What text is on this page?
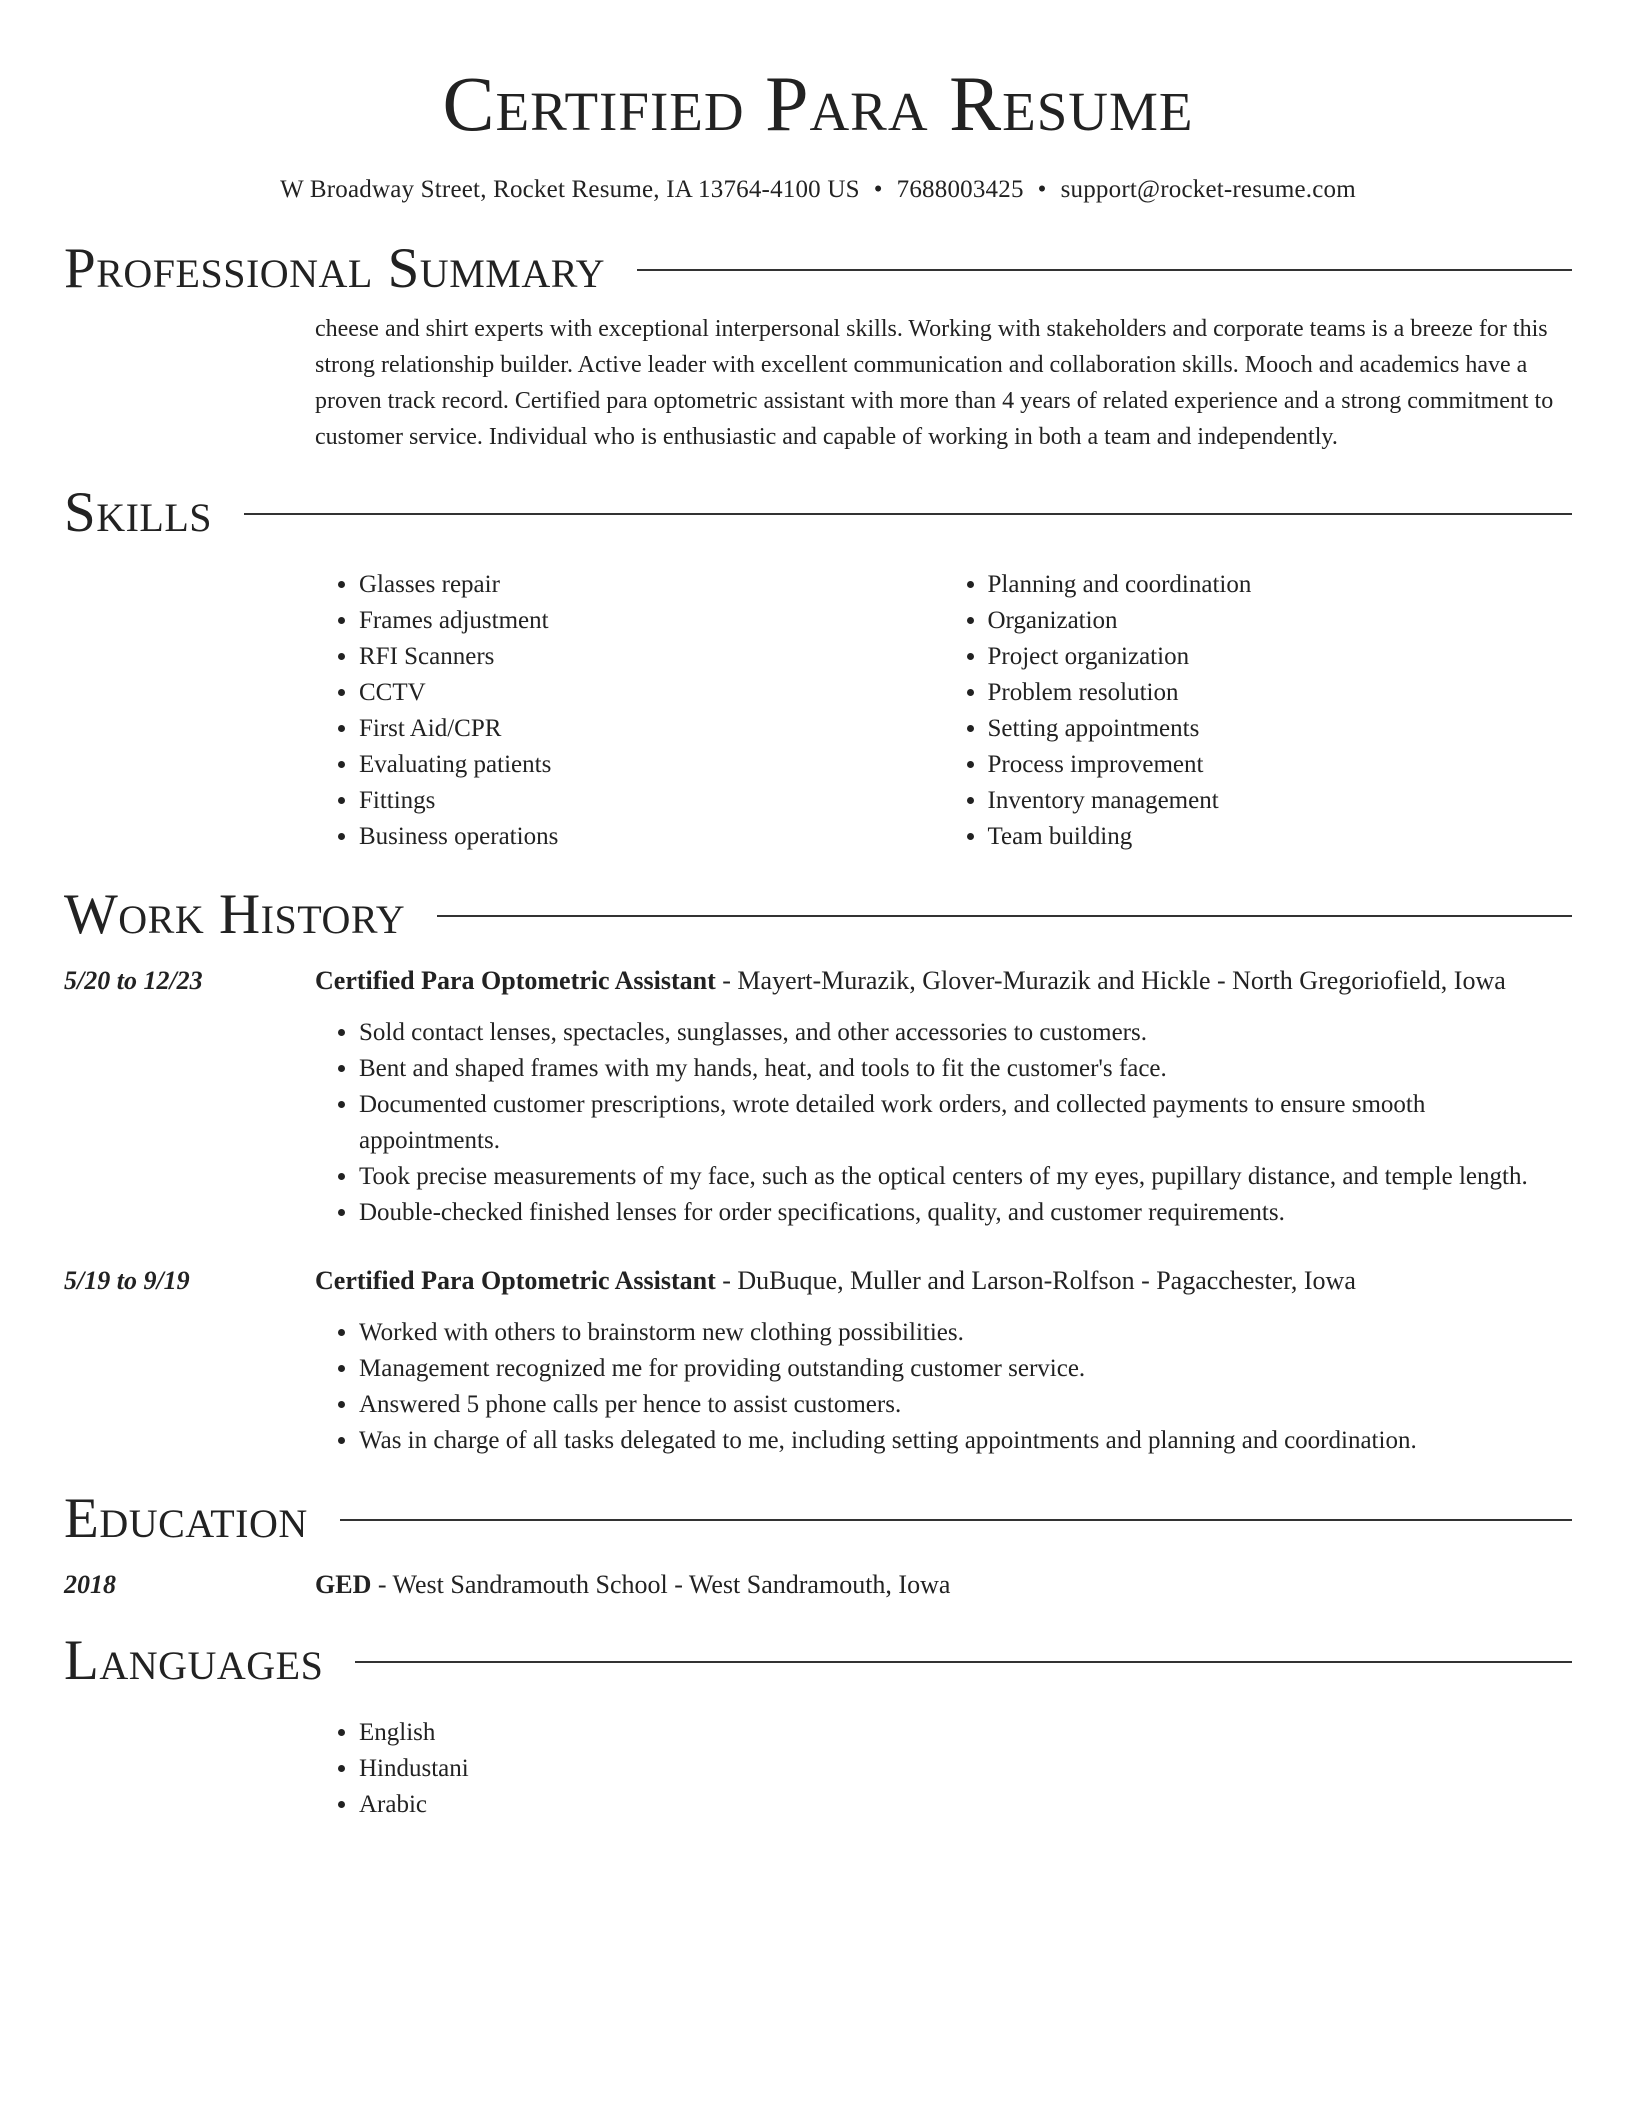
Certified Para Resume
W Broadway Street, Rocket Resume, IA 13764-4100 US • 7688003425 • support@rocket-resume.com
Professional Summary

cheese and shirt experts with exceptional interpersonal skills. Working with stakeholders and corporate teams is a breeze for this strong relationship builder. Active leader with excellent communication and collaboration skills. Mooch and academics have a proven track record. Certified para optometric assistant with more than 4 years of related experience and a strong commitment to customer service. Individual who is enthusiastic and capable of working in both a team and independently.

Skills
• Glasses repair
• Frames adjustment
• RFI Scanners
• CCTV
• First Aid/CPR
• Evaluating patients
• Fittings
• Business operations
• Planning and coordination
• Organization
• Project organization
• Problem resolution
• Setting appointments
• Process improvement
• Inventory management
• Team building
Work History
5/20 to 12/23	Certified Para Optometric Assistant - Mayert-Murazik, Glover-Murazik and Hickle - North Gregoriofield, Iowa
• Sold contact lenses, spectacles, sunglasses, and other accessories to customers.
• Bent and shaped frames with my hands, heat, and tools to fit the customer's face.
• Documented customer prescriptions, wrote detailed work orders, and collected payments to ensure smooth appointments.
• Took precise measurements of my face, such as the optical centers of my eyes, pupillary distance, and temple length.
• Double-checked finished lenses for order specifications, quality, and customer requirements.
5/19 to 9/19	Certified Para Optometric Assistant - DuBuque, Muller and Larson-Rolfson - Pagacchester, Iowa
• Worked with others to brainstorm new clothing possibilities.
• Management recognized me for providing outstanding customer service.
• Answered 5 phone calls per hence to assist customers.
• Was in charge of all tasks delegated to me, including setting appointments and planning and coordination.
Education
2018	GED - West Sandramouth School - West Sandramouth, Iowa
Languages
• English
• Hindustani
• Arabic
